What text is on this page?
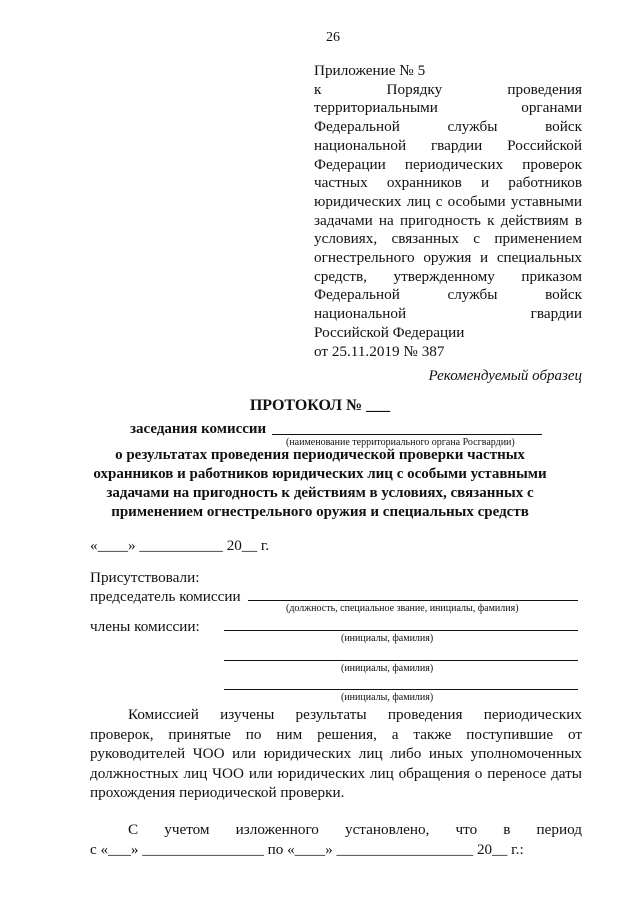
26
Приложение № 5
к Порядку проведения
территориальными органами
Федеральной службы войск
национальной гвардии Российской
Федерации периодических проверок
частных охранников и работников
юридических лиц с особыми уставными
задачами на пригодность к действиям в
условиях, связанных с применением
огнестрельного оружия и специальных
средств, утвержденному приказом
Федеральной службы войск
национальной гвардии
Российской Федерации
от 25.11.2019 № 387
Рекомендуемый образец
ПРОТОКОЛ № ___
заседания комиссии
(наименование территориального органа Росгвардии)
о результатах проведения периодической проверки частных
охранников и работников юридических лиц с особыми уставными
задачами на пригодность к действиям в условиях, связанных с
применением огнестрельного оружия и специальных средств
«____» ___________ 20__ г.
Присутствовали:
председатель комиссии
(должность, специальное звание, инициалы, фамилия)
члены комиссии:
(инициалы, фамилия)
(инициалы, фамилия)
(инициалы, фамилия)
Комиссией изучены результаты проведения периодических
проверок, принятые по ним решения, а также поступившие от
руководителей ЧОО или юридических лиц либо иных уполномоченных
должностных лиц ЧОО или юридических лиц обращения о переносе даты
прохождения периодической проверки.
С учетом изложенного установлено, что в период
с «___» ________________ по «____» __________________ 20__ г.:
